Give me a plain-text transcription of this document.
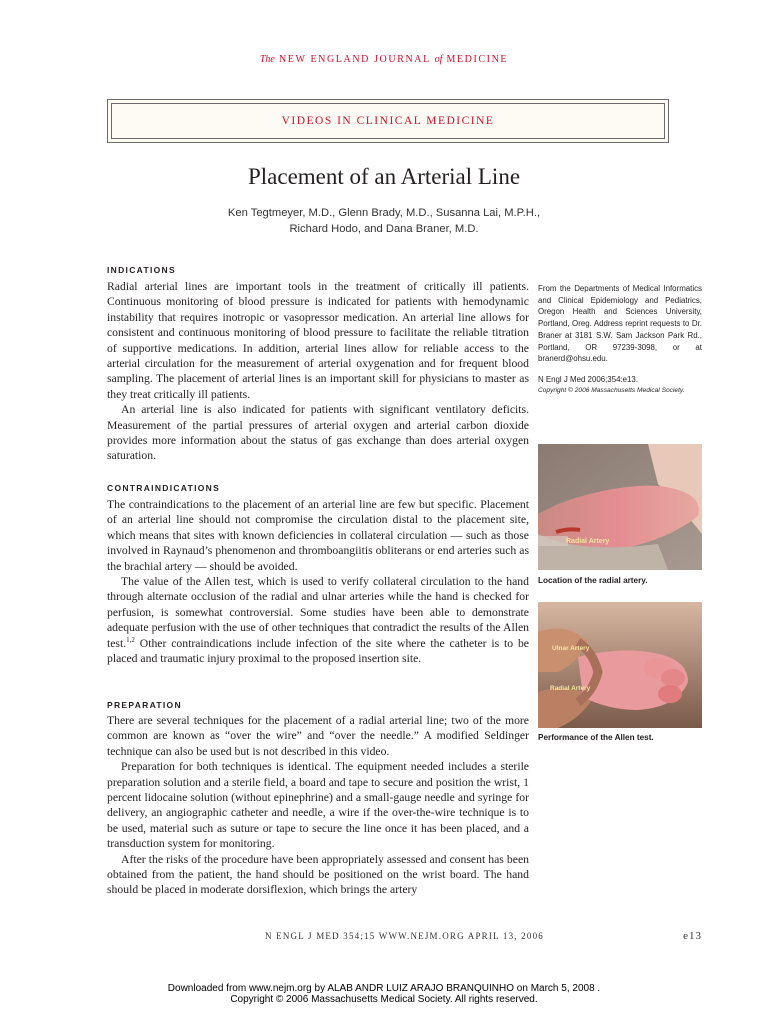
The NEW ENGLAND JOURNAL of MEDICINE
VIDEOS IN CLINICAL MEDICINE
Placement of an Arterial Line
Ken Tegtmeyer, M.D., Glenn Brady, M.D., Susanna Lai, M.P.H.,
Richard Hodo, and Dana Braner, M.D.
INDICATIONS

Radial arterial lines are important tools in the treatment of critically ill patients. Continuous monitoring of blood pressure is indicated for patients with hemodynamic instability that requires inotropic or vasopressor medication. An arterial line allows for consistent and continuous monitoring of blood pressure to facilitate the reliable titration of supportive medications. In addition, arterial lines allow for reliable access to the arterial circulation for the measurement of arterial oxygenation and for frequent blood sampling. The placement of arterial lines is an important skill for physicians to master as they treat critically ill patients.

An arterial line is also indicated for patients with significant ventilatory deficits. Measurement of the partial pressures of arterial oxygen and arterial carbon dioxide provides more information about the status of gas exchange than does arterial oxygen saturation.

CONTRAINDICATIONS

The contraindications to the placement of an arterial line are few but specific. Placement of an arterial line should not compromise the circulation distal to the placement site, which means that sites with known deficiencies in collateral circulation — such as those involved in Raynaud’s phenomenon and thromboangiitis obliterans or end arteries such as the brachial artery — should be avoided.

The value of the Allen test, which is used to verify collateral circulation to the hand through alternate occlusion of the radial and ulnar arteries while the hand is checked for perfusion, is somewhat controversial. Some studies have been able to demonstrate adequate perfusion with the use of other techniques that contradict the results of the Allen test.$^{1,2}$ Other contraindications include infection of the site where the catheter is to be placed and traumatic injury proximal to the proposed insertion site.

PREPARATION

There are several techniques for the placement of a radial arterial line; two of the more common are known as “over the wire” and “over the needle.” A modified Seldinger technique can also be used but is not described in this video.

Preparation for both techniques is identical. The equipment needed includes a sterile preparation solution and a sterile field, a board and tape to secure and position the wrist, 1 percent lidocaine solution (without epinephrine) and a small-gauge needle and syringe for delivery, an angiographic catheter and needle, a wire if the over-the-wire technique is to be used, material such as suture or tape to secure the line once it has been placed, and a transduction system for monitoring.

After the risks of the procedure have been appropriately assessed and consent has been obtained from the patient, the hand should be positioned on the wrist board. The hand should be placed in moderate dorsiflexion, which brings the artery

From the Departments of Medical Informatics and Clinical Epidemiology and Pediatrics, Oregon Health and Sciences University, Portland, Oreg. Address reprint requests to Dr. Braner at 3181 S.W. Sam Jackson Park Rd., Portland, OR 97239-3098, or at branerd@ohsu.edu.
N Engl J Med 2006;354:e13.
Copyright © 2006 Massachusetts Medical Society.
Radial Artery
Location of the radial artery.
Ulnar Artery
Radial Artery
Performance of the Allen test.
N ENGL J MED 354;15 WWW.NEJM.ORG APRIL 13, 2006	e13
Downloaded from www.nejm.org by ALAB ANDR LUIZ ARAJO BRANQUINHO on March 5, 2008 .
Copyright © 2006 Massachusetts Medical Society. All rights reserved.
